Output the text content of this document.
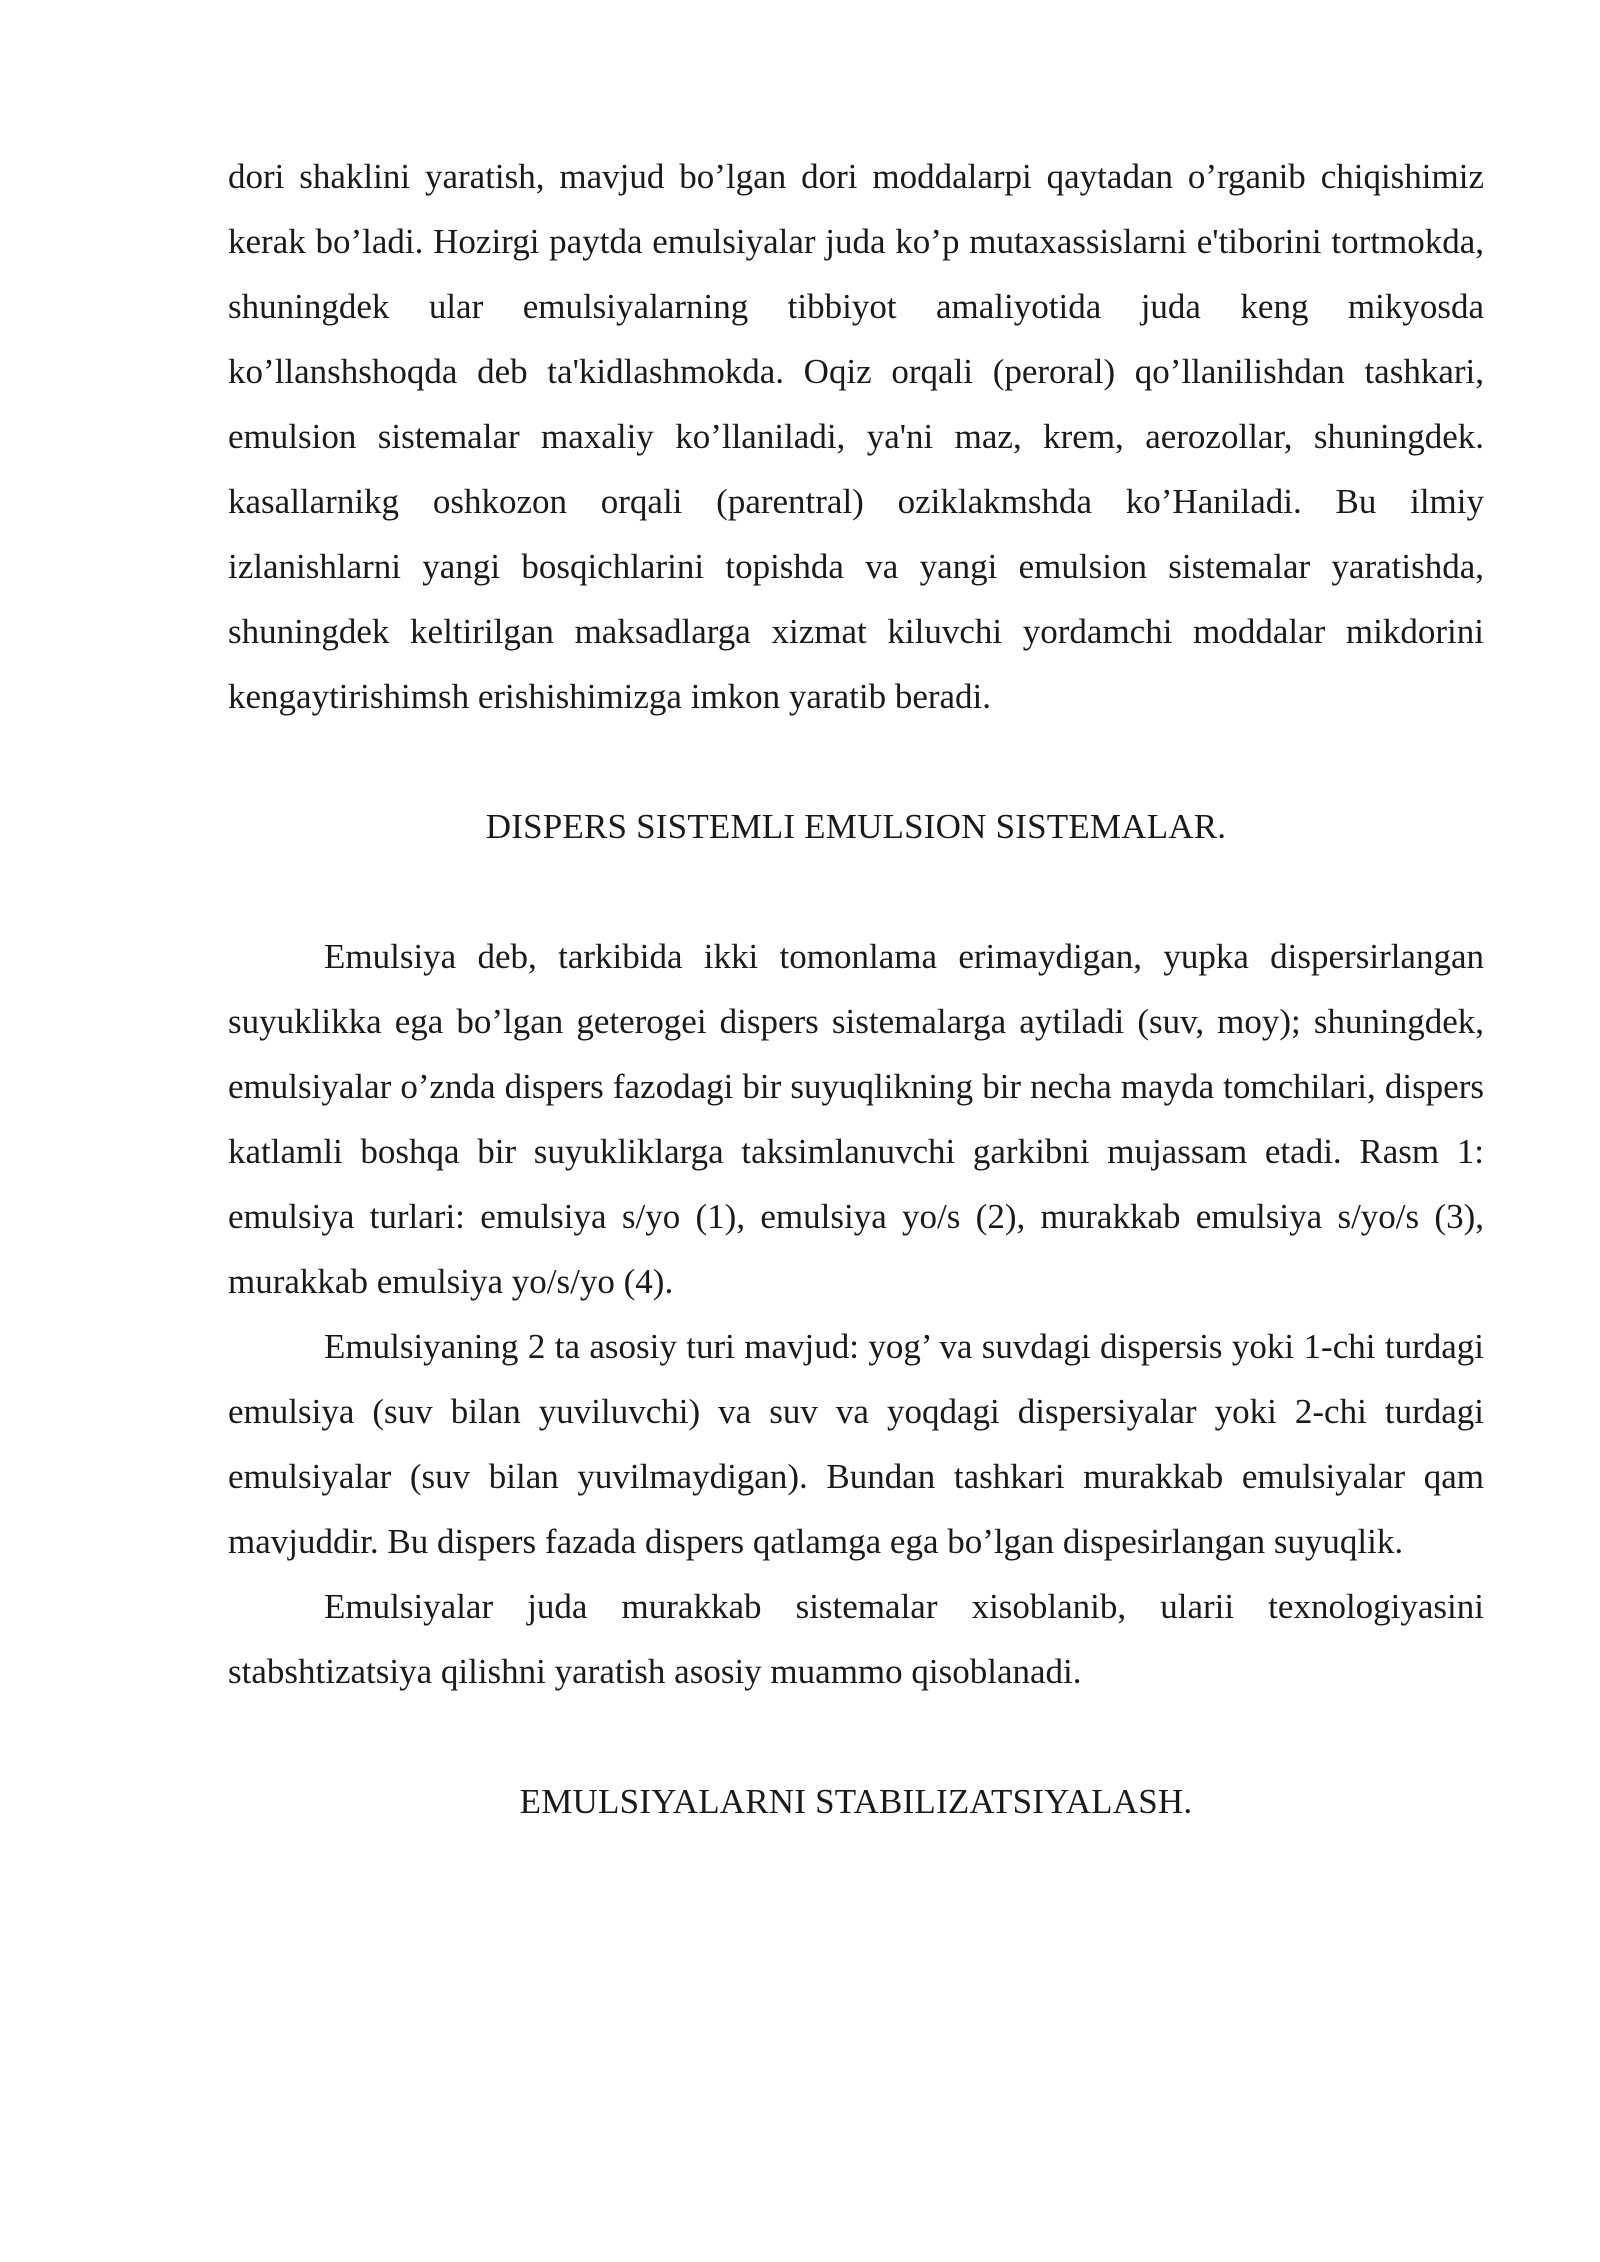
dori shaklini yaratish, mavjud bo’lgan dori moddalarpi qaytadan o’rganib chiqishimiz kerak bo’ladi. Hozirgi paytda emulsiyalar juda ko’p mutaxassislarni e'tiborini tortmokda, shuningdek ular emulsiyalarning tibbiyot amaliyotida juda keng mikyosda ko’llanshshoqda deb ta'kidlashmokda. Oqiz orqali (peroral) qo’llanilishdan tashkari, emulsion sistemalar maxaliy ko’llaniladi, ya'ni maz, krem, aerozollar, shuningdek. kasallarnikg oshkozon orqali (parentral) oziklakmshda ko’Haniladi. Bu ilmiy izlanishlarni yangi bosqichlarini topishda va yangi emulsion sistemalar yaratishda, shuningdek keltirilgan maksadlarga xizmat kiluvchi yordamchi moddalar mikdorini kengaytirishimsh erishishimizga imkon yaratib beradi.

DISPERS SISTEMLI EMULSION SISTEMALAR.

Emulsiya deb, tarkibida ikki tomonlama erimaydigan, yupka dispersirlangan suyuklikka ega bo’lgan geterogei dispers sistemalarga aytiladi (suv, moy); shuningdek, emulsiyalar o’znda dispers fazodagi bir suyuqlikning bir necha mayda tomchilari, dispers katlamli boshqa bir suyukliklarga taksimlanuvchi garkibni mujassam etadi. Rasm 1: emulsiya turlari: emulsiya s/yo (1), emulsiya yo/s (2), murakkab emulsiya s/yo/s (3), murakkab emulsiya yo/s/yo (4).

Emulsiyaning 2 ta asosiy turi mavjud: yog’ va suvdagi dispersis yoki 1-chi turdagi emulsiya (suv bilan yuviluvchi) va suv va yoqdagi dispersiyalar yoki 2-chi turdagi emulsiyalar (suv bilan yuvilmaydigan). Bundan tashkari murakkab emulsiyalar qam mavjuddir. Bu dispers fazada dispers qatlamga ega bo’lgan dispesirlangan suyuqlik.

Emulsiyalar juda murakkab sistemalar xisoblanib, ularii texnologiyasini stabshtizatsiya qilishni yaratish asosiy muammo qisoblanadi.

EMULSIYALARNI STABILIZATSIYALASH.
